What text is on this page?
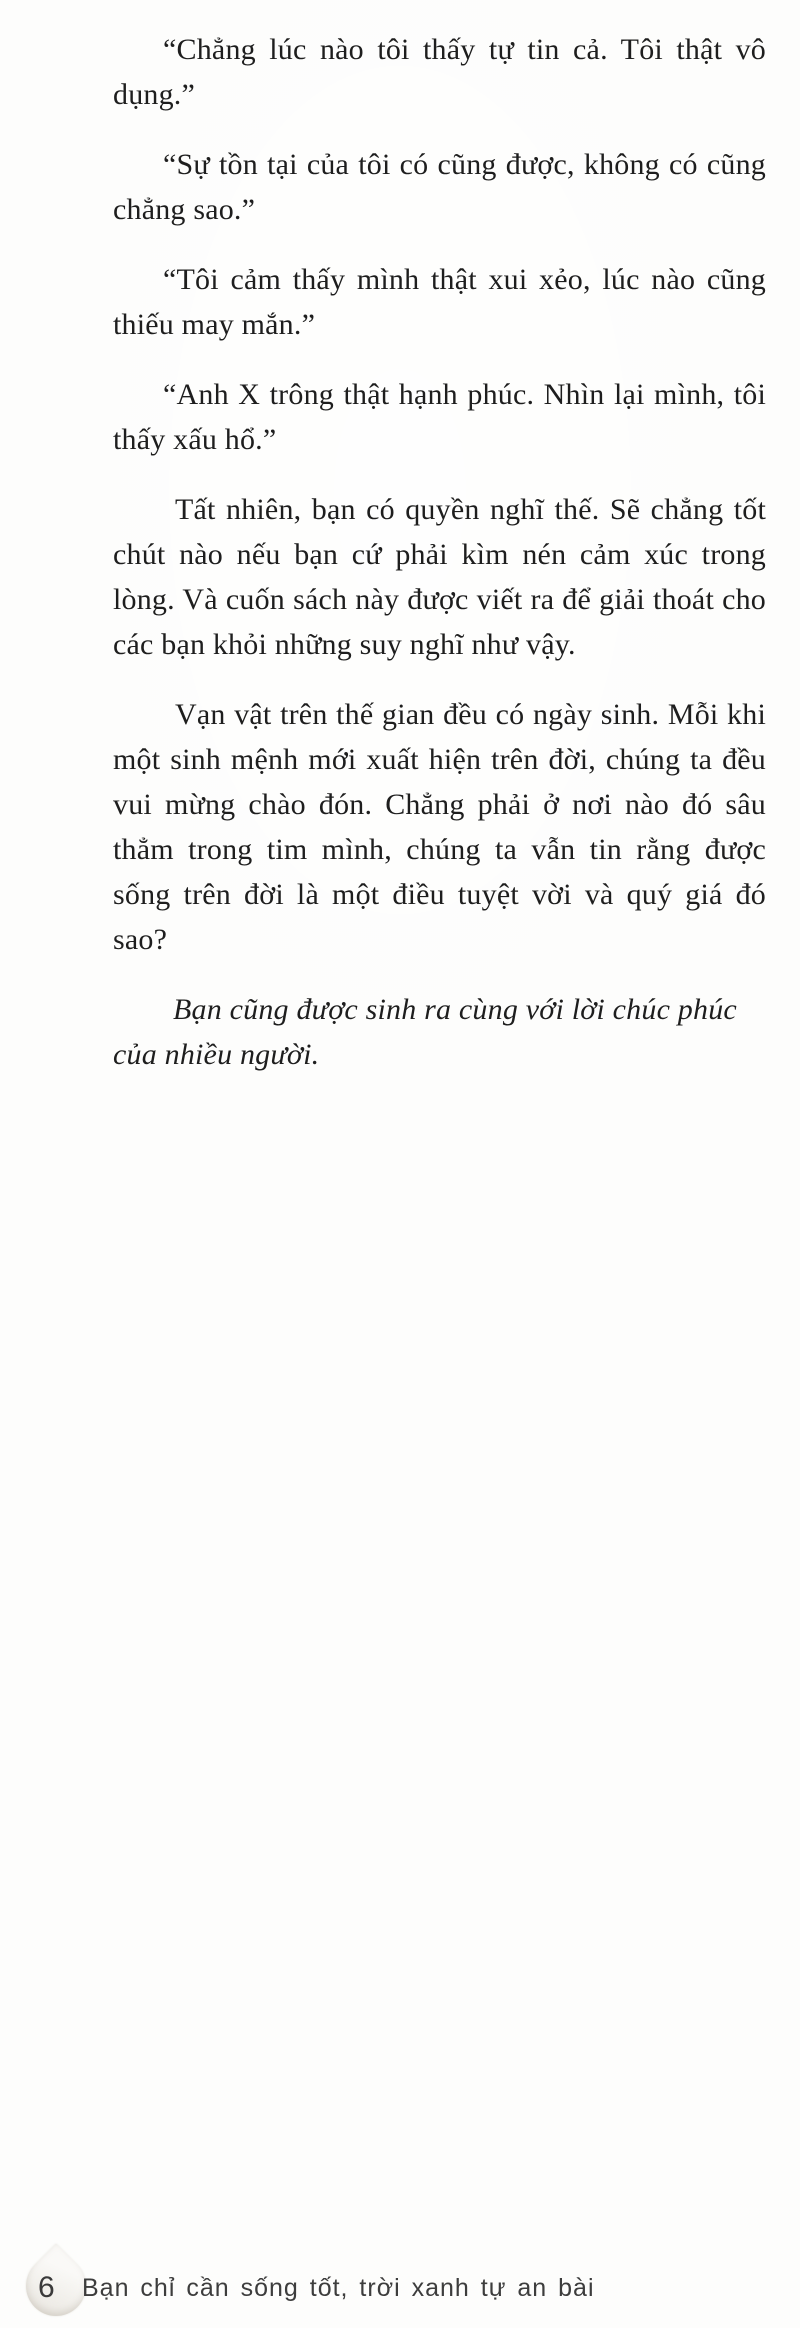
“Chẳng lúc nào tôi thấy tự tin cả. Tôi thật vô dụng.”

“Sự tồn tại của tôi có cũng được, không có cũng chẳng sao.”

“Tôi cảm thấy mình thật xui xẻo, lúc nào cũng thiếu may mắn.”

“Anh X trông thật hạnh phúc. Nhìn lại mình, tôi thấy xấu hổ.”

Tất nhiên, bạn có quyền nghĩ thế. Sẽ chẳng tốt chút nào nếu bạn cứ phải kìm nén cảm xúc trong lòng. Và cuốn sách này được viết ra để giải thoát cho các bạn khỏi những suy nghĩ như vậy.

Vạn vật trên thế gian đều có ngày sinh. Mỗi khi một sinh mệnh mới xuất hiện trên đời, chúng ta đều vui mừng chào đón. Chẳng phải ở nơi nào đó sâu thẳm trong tim mình, chúng ta vẫn tin rằng được sống trên đời là một điều tuyệt vời và quý giá đó sao?

Bạn cũng được sinh ra cùng với lời chúc phúc của nhiều người.

6 Bạn chỉ cần sống tốt, trời xanh tự an bài
